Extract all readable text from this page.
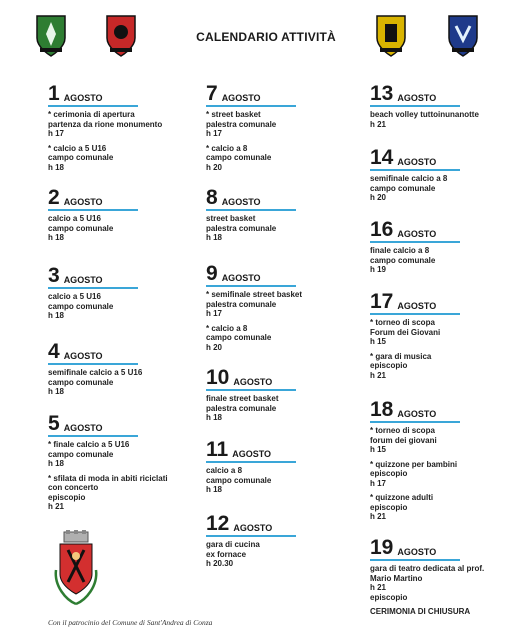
CALENDARIO ATTIVITÀ
1 AGOSTO
* cerimonia di apertura
partenza da rione monumento
h 17
* calcio a 5 U16
campo comunale
h 18
2 AGOSTO
calcio a 5 U16
campo comunale
h 18
3 AGOSTO
calcio a 5 U16
campo comunale
h 18
4 AGOSTO
semifinale calcio a 5 U16
campo comunale
h 18
5 AGOSTO
* finale calcio a 5 U16
campo comunale
h 18
* sfilata di moda in abiti riciclati
con concerto
episcopio
h 21
7 AGOSTO
* street basket
palestra comunale
h 17
* calcio a 8
campo comunale
h 20
8 AGOSTO
street basket
palestra comunale
h 18
9 AGOSTO
* semifinale street basket
palestra comunale
h 17
* calcio a 8
campo comunale
h 20
10 AGOSTO
finale street basket
palestra comunale
h 18
11 AGOSTO
calcio a 8
campo comunale
h 18
12 AGOSTO
gara di cucina
ex fornace
h 20.30
13 AGOSTO
beach volley tuttoinunanotte
h 21
14 AGOSTO
semifinale calcio a 8
campo comunale
h 20
16 AGOSTO
finale calcio a 8
campo comunale
h 19
17 AGOSTO
* torneo di scopa
Forum dei Giovani
h 15
* gara di musica
episcopio
h 21
18 AGOSTO
* torneo di scopa
forum dei giovani
h 15
* quizzone per bambini
episcopio
h 17
* quizzone adulti
episcopio
h 21
19 AGOSTO
gara di teatro dedicata al prof.
Mario Martino
h 21
episcopio
CERIMONIA DI CHIUSURA
Con il patrocinio del Comune di Sant'Andrea di Conza
